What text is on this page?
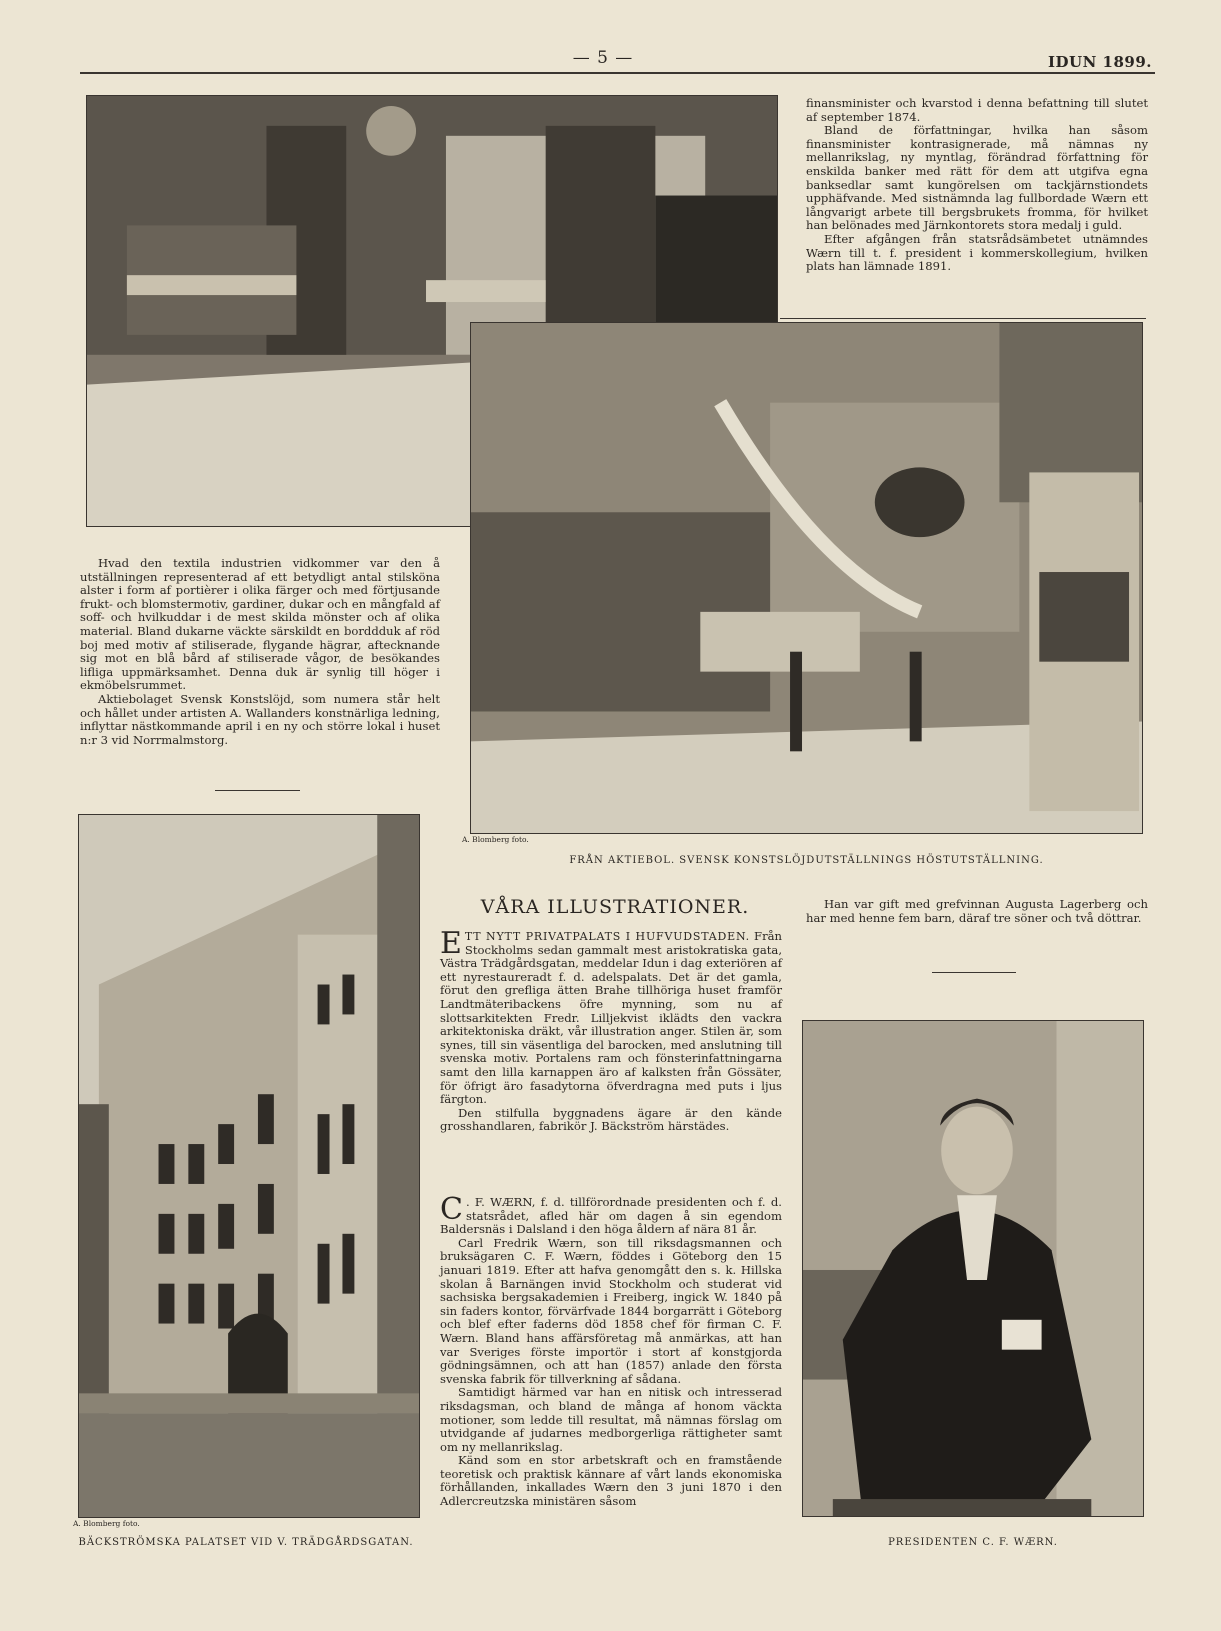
— 5 —	IDUN 1899.

finansminister och kvarstod i denna befattning till slutet af september 1874.

Bland de författningar, hvilka han såsom finansminister kontrasignerade, må nämnas ny mellanrikslag, ny myntlag, förändrad författning för enskilda banker med rätt för dem att utgifva egna banksedlar samt kungörelsen om tackjärnstiondets upphäfvande. Med sistnämnda lag fullbordade Wærn ett långvarigt arbete till bergsbrukets fromma, för hvilket han belönades med Järnkontorets stora medalj i guld.

Efter afgången från statsrådsämbetet utnämndes Wærn till t. f. president i kommerskollegium, hvilken plats han lämnade 1891.

A. Blomberg foto.
FRÅN AKTIEBOL. SVENSK KONSTSLÖJDUTSTÄLLNINGS HÖSTUTSTÄLLNING.

Hvad den textila industrien vidkommer var den å utställningen representerad af ett betydligt antal stilsköna alster i form af portièrer i olika färger och med förtjusande frukt- och blomstermotiv, gardiner, dukar och en mångfald af soff- och hvilkuddar i de mest skilda mönster och af olika material. Bland dukarne väckte särskildt en borddduk af röd boj med motiv af stiliserade, flygande hägrar, aftecknande sig mot en blå bård af stiliserade vågor, de besökandes lifliga uppmärksamhet. Denna duk är synlig till höger i ekmöbelsrummet.

Aktiebolaget Svensk Konstslöjd, som numera står helt och hållet under artisten A. Wallanders konstnärliga ledning, inflyttar nästkommande april i en ny och större lokal i huset n:r 3 vid Norrmalmstorg.

A. Blomberg foto.
BÄCKSTRÖMSKA PALATSET VID V. TRÄDGÅRDSGATAN.
VÅRA ILLUSTRATIONER.

ETT NYTT PRIVATPALATS I HUFVUDSTADEN. Från Stockholms sedan gammalt mest aristokratiska gata, Västra Trädgårdsgatan, meddelar Idun i dag exteriören af ett nyrestaureradt f. d. adelspalats. Det är det gamla, förut den grefliga ätten Brahe tillhöriga huset framför Landtmäteribackens öfre mynning, som nu af slottsarkitekten Fredr. Lilljekvist iklädts den vackra arkitektoniska dräkt, vår illustration anger. Stilen är, som synes, till sin väsentliga del barocken, med anslutning till svenska motiv. Portalens ram och fönsterinfattningarna samt den lilla karnappen äro af kalksten från Gössäter, för öfrigt äro fasadytorna öfverdragna med puts i ljus färgton.

Den stilfulla byggnadens ägare är den kände grosshandlaren, fabrikör J. Bäckström härstädes.

C . F. WÆRN, f. d. tillförordnade presidenten och f. d. statsrådet, afled här om dagen å sin egendom Baldersnäs i Dalsland i den höga åldern af nära 81 år.

Carl Fredrik Wærn, son till riksdagsmannen och bruksägaren C. F. Wærn, föddes i Göteborg den 15 januari 1819. Efter att hafva genomgått den s. k. Hillska skolan å Barnängen invid Stockholm och studerat vid sachsiska bergsakademien i Freiberg, ingick W. 1840 på sin faders kontor, förvärfvade 1844 borgarrätt i Göteborg och blef efter faderns död 1858 chef för firman C. F. Wærn. Bland hans affärsföretag må anmärkas, att han var Sveriges förste importör i stort af konstgjorda gödningsämnen, och att han (1857) anlade den första svenska fabrik för tillverkning af sådana.

Samtidigt härmed var han en nitisk och intresserad riksdagsman, och bland de många af honom väckta motioner, som ledde till resultat, må nämnas förslag om utvidgande af judarnes medborgerliga rättigheter samt om ny mellanrikslag.

Känd som en stor arbetskraft och en framstående teoretisk och praktisk kännare af vårt lands ekonomiska förhållanden, inkallades Wærn den 3 juni 1870 i den Adlercreutzska ministären såsom

Han var gift med grefvinnan Augusta Lagerberg och har med henne fem barn, däraf tre söner och två döttrar.

PRESIDENTEN C. F. WÆRN.
